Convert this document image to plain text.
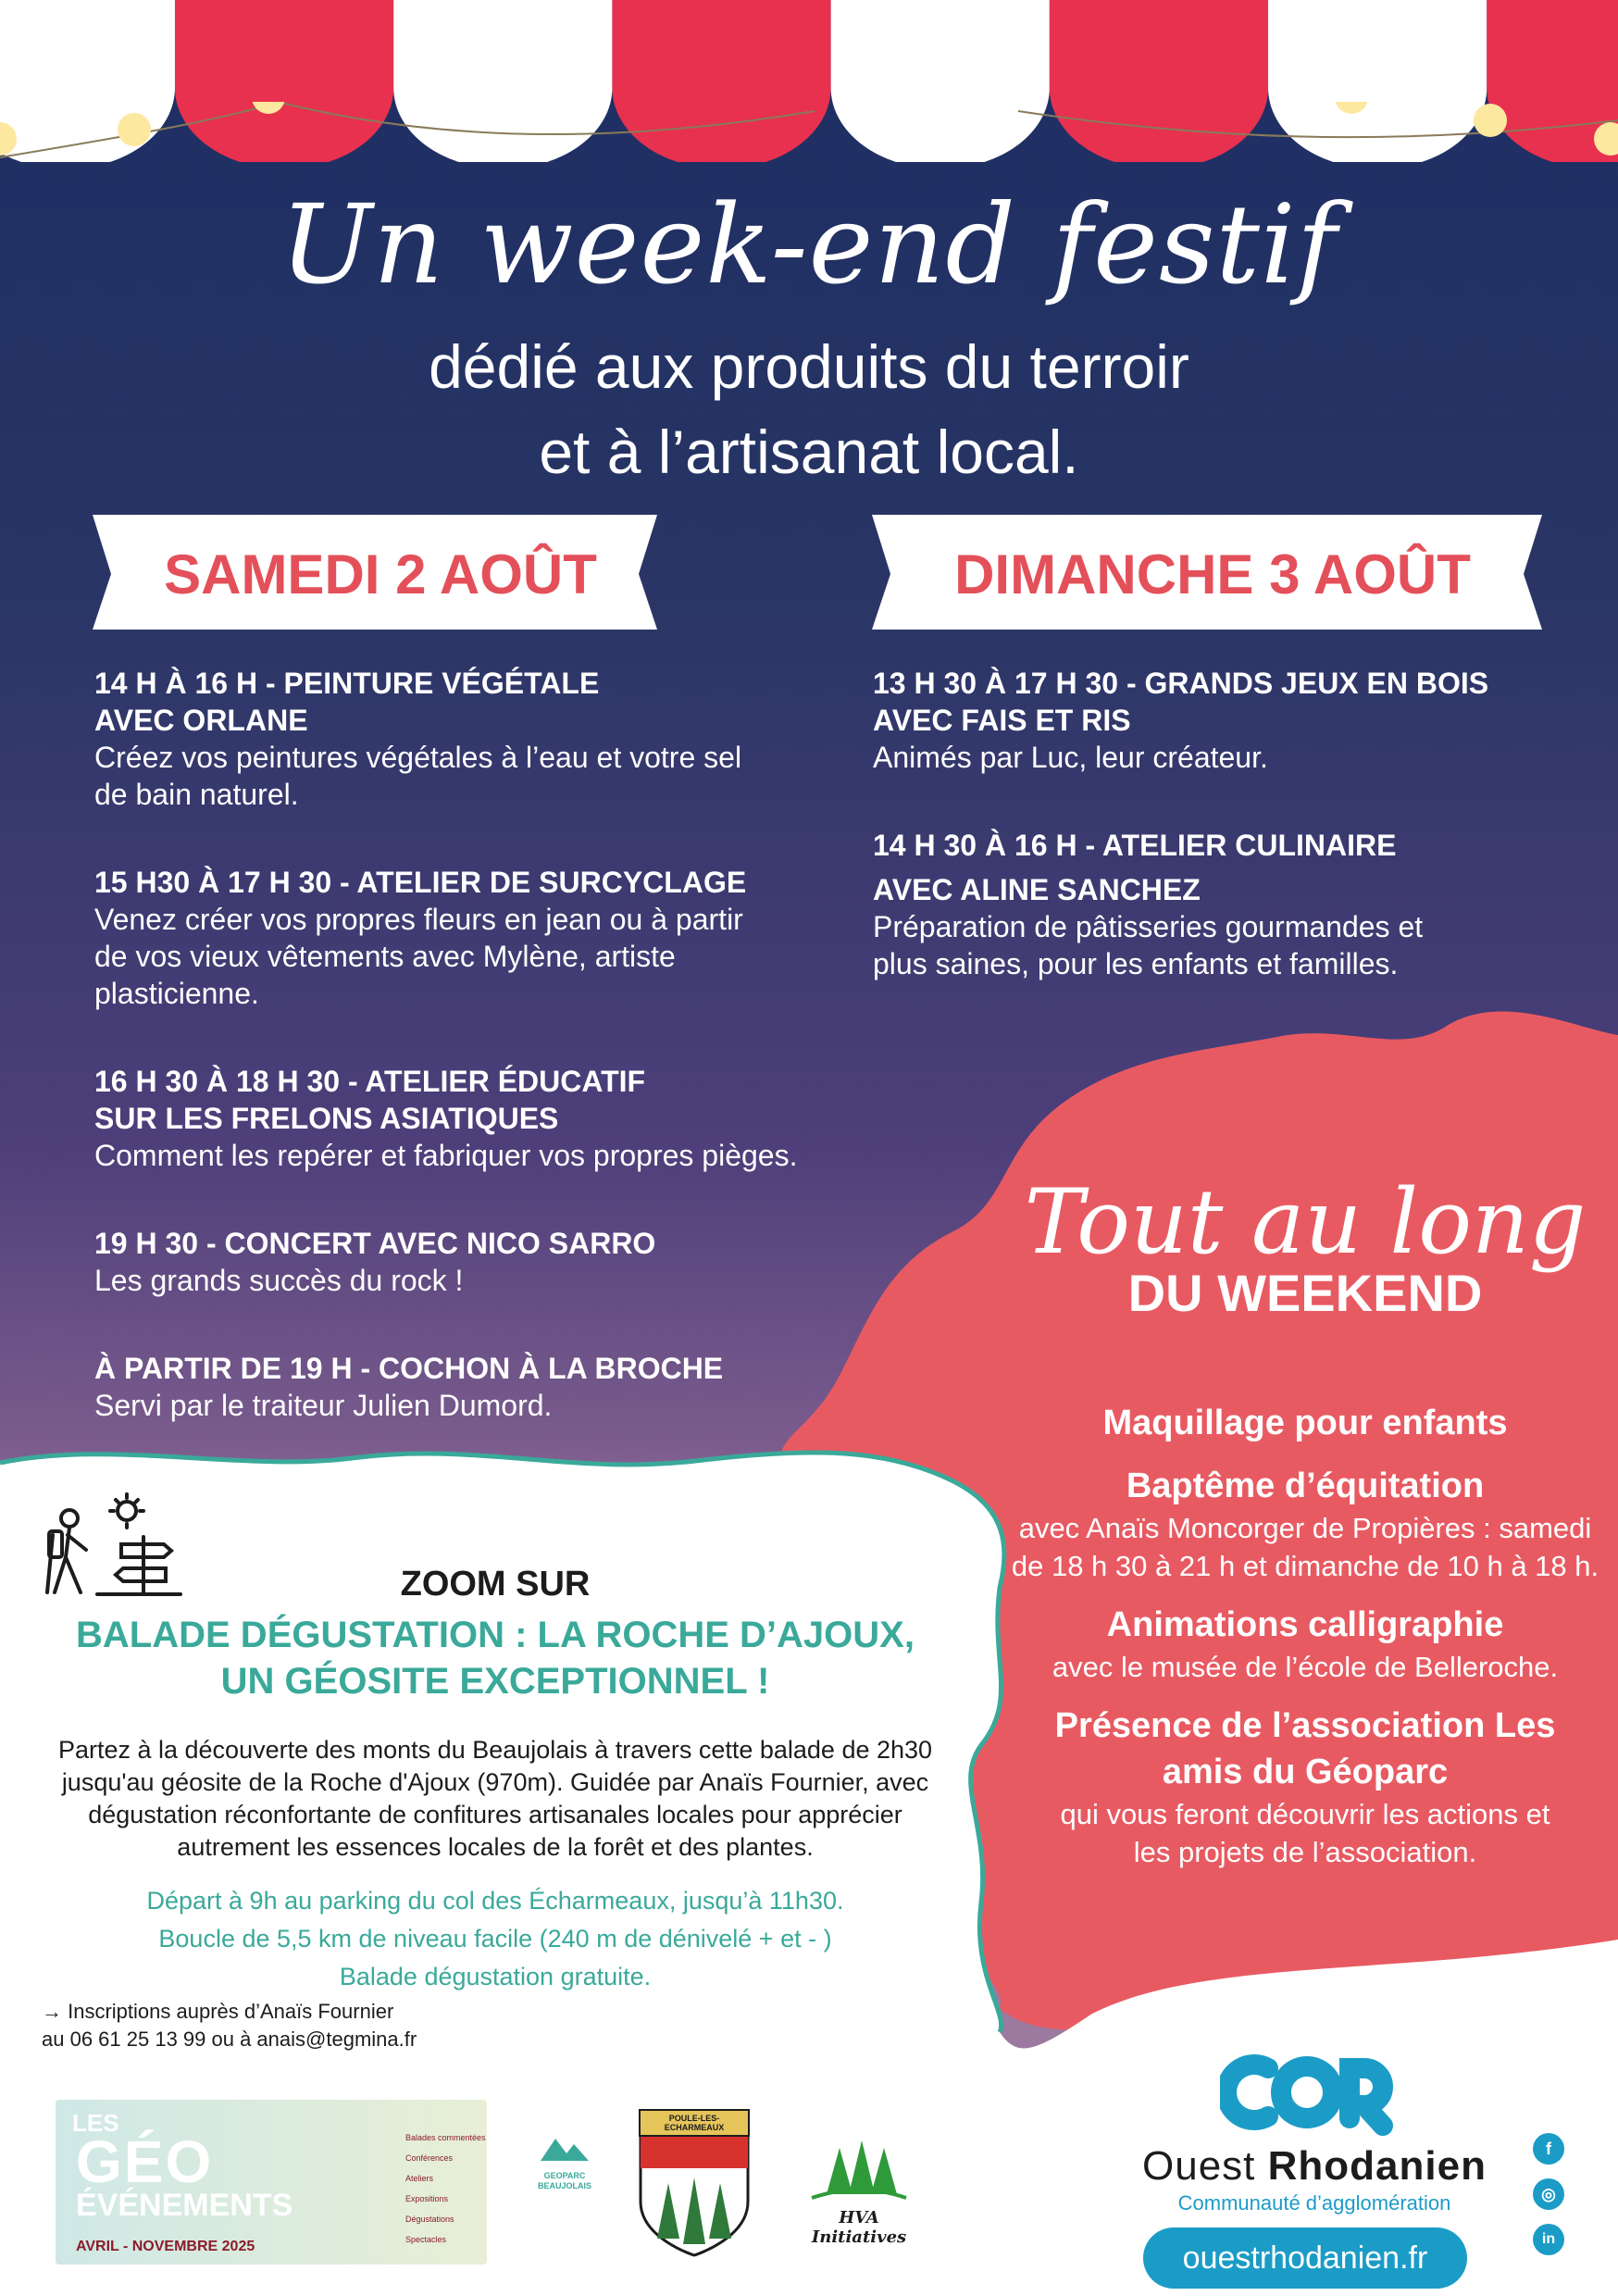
Un week-end festif
dédié aux produits du terroir
et à l’artisanat local.
SAMEDI 2 AOÛT	DIMANCHE 3 AOÛT
14 H À 16 H - PEINTURE VÉGÉTALE
AVEC ORLANE
Créez vos peintures végétales à l’eau et votre sel de bain naturel.
15 H30 À 17 H 30 - ATELIER DE SURCYCLAGE
Venez créer vos propres fleurs en jean ou à partir de vos vieux vêtements avec Mylène, artiste plasticienne.
16 H 30 À 18 H 30 - ATELIER ÉDUCATIF
SUR LES FRELONS ASIATIQUES
Comment les repérer et fabriquer vos propres pièges.
19 H 30 - CONCERT AVEC NICO SARRO
Les grands succès du rock !
À PARTIR DE 19 H - COCHON À LA BROCHE
Servi par le traiteur Julien Dumord.
13 H 30 À 17 H 30 - GRANDS JEUX EN BOIS
AVEC FAIS ET RIS
Animés par Luc, leur créateur.
14 H 30 À 16 H - ATELIER CULINAIRE
AVEC ALINE SANCHEZ
Préparation de pâtisseries gourmandes et plus saines, pour les enfants et familles.
Tout au long
DU WEEKEND
Maquillage pour enfants
Baptême d’équitation
avec Anaïs Moncorger de Propières : samedi de 18 h 30 à 21 h et dimanche de 10 h à 18 h.
Animations calligraphie
avec le musée de l’école de Belleroche.
Présence de l’association Les amis du Géoparc
qui vous feront découvrir les actions et les projets de l’association.
ZOOM SUR
BALADE DÉGUSTATION : LA ROCHE D’AJOUX,
UN GÉOSITE EXCEPTIONNEL !
Partez à la découverte des monts du Beaujolais à travers cette balade de 2h30 jusqu'au géosite de la Roche d'Ajoux (970m). Guidée par Anaïs Fournier, avec dégustation réconfortante de confitures artisanales locales pour apprécier autrement les essences locales de la forêt et des plantes.
Départ à 9h au parking du col des Écharmeaux, jusqu’à 11h30.
Boucle de 5,5 km de niveau facile (240 m de dénivelé + et - )
Balade dégustation gratuite.
→ Inscriptions auprès d’Anaïs Fournier
au 06 61 25 13 99 ou à anais@tegmina.fr
LES
GÉO
ÉVÉNEMENTS
AVRIL - NOVEMBRE 2025
Balades commentées
Conférences
Ateliers
Expositions
Dégustations
Spectacles
GEOPARC BEAUJOLAIS
POULE-LES-ECHARMEAUX
HVA Initiatives
Ouest Rhodanien
Communauté d’agglomération
ouestrhodanien.fr
f
◎
in
